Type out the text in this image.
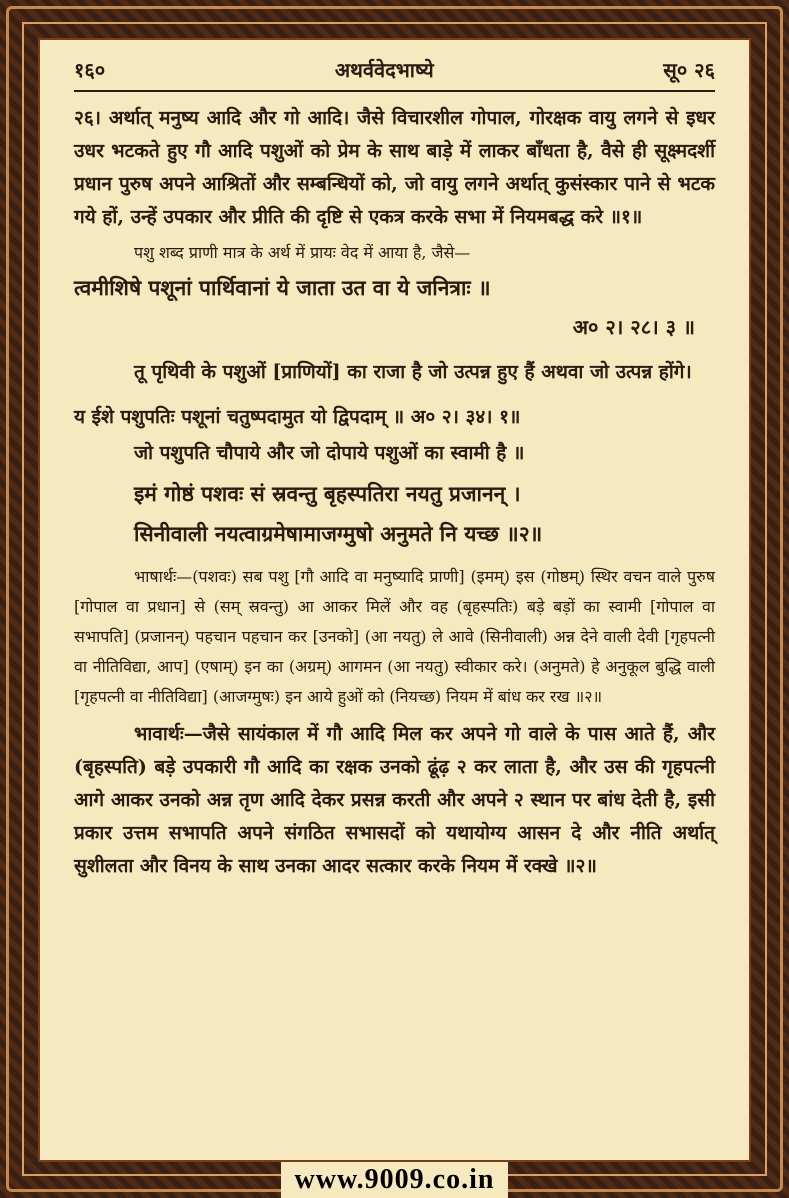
१६०	अथर्ववेदभाष्ये	सू० २६

२६। अर्थात् मनुष्य आदि और गो आदि। जैसे विचारशील गोपाल, गोरक्षक वायु लगने से इधर उधर भटकते हुए गौ आदि पशुओं को प्रेम के साथ बाड़े में लाकर बाँधता है, वैसे ही सूक्ष्मदर्शी प्रधान पुरुष अपने आश्रितों और सम्बन्धियों को, जो वायु लगने अर्थात् कुसंस्कार पाने से भटक गये हों, उन्हें उपकार और प्रीति की दृष्टि से एकत्र करके सभा में नियमबद्ध करे ॥१॥

पशु शब्द प्राणी मात्र के अर्थ में प्रायः वेद में आया है, जैसे—

त्वमीशिषे पशूनां पार्थिवानां ये जाता उत वा ये जनित्राः ॥

अ० २। २८। ३ ॥

तू पृथिवी के पशुओं [प्राणियों] का राजा है जो उत्पन्न हुए हैं अथवा जो उत्पन्न होंगे।

य ईशे पशुपतिः पशूनां चतुष्पदामुत यो द्विपदाम् ॥ अ० २। ३४। १॥

जो पशुपति चौपाये और जो दोपाये पशुओं का स्वामी है ॥

इमं गोष्ठं पशवः सं स्रवन्तु बृहस्पतिरा नयतु प्रजानन् ।

सिनीवाली नयत्वाग्रमेषामाजग्मुषो अनुमते नि यच्छ ॥२॥

भाषार्थः—(पशवः) सब पशु [गौ आदि वा मनुष्यादि प्राणी] (इमम्) इस (गोष्ठम्) स्थिर वचन वाले पुरुष [गोपाल वा प्रधान] से (सम् स्रवन्तु) आ आकर मिलें और वह (बृहस्पतिः) बड़े बड़ों का स्वामी [गोपाल वा सभापति] (प्रजानन्) पहचान पहचान कर [उनको] (आ नयतु) ले आवे (सिनीवाली) अन्न देने वाली देवी [गृहपत्नी वा नीतिविद्या, आप] (एषाम्) इन का (अग्रम्) आगमन (आ नयतु) स्वीकार करे। (अनुमते) हे अनुकूल बुद्धि वाली [गृहपत्नी वा नीतिविद्या] (आजग्मुषः) इन आये हुओं को (नियच्छ) नियम में बांध कर रख ॥२॥

भावार्थः—जैसे सायंकाल में गौ आदि मिल कर अपने गो वाले के पास आते हैं, और (बृहस्पति) बड़े उपकारी गौ आदि का रक्षक उनको ढूंढ़ २ कर लाता है, और उस की गृहपत्नी आगे आकर उनको अन्न तृण आदि देकर प्रसन्न करती और अपने २ स्थान पर बांध देती है, इसी प्रकार उत्तम सभापति अपने संगठित सभासदों को यथायोग्य आसन दे और नीति अर्थात् सुशीलता और विनय के साथ उनका आदर सत्कार करके नियम में रक्खे ॥२॥

www.9009.co.in
